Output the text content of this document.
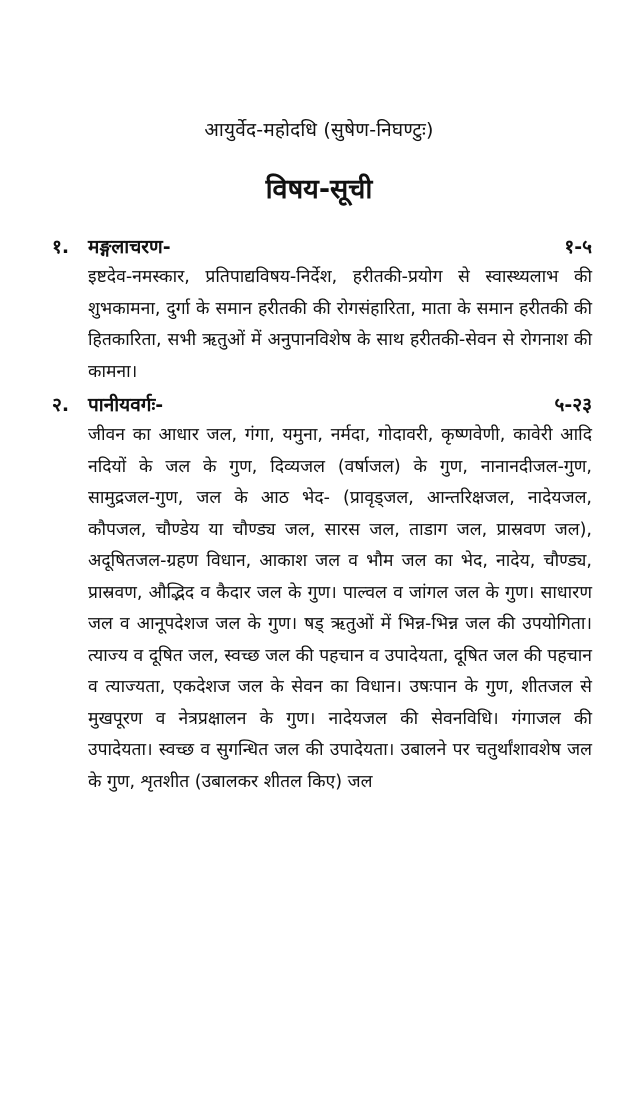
आयुर्वेद-महोदधि (सुषेण-निघण्टुः)
विषय-सूची
१. मङ्गलाचरण-	१-५
इष्टदेव-नमस्कार, प्रतिपाद्यविषय-निर्देश, हरीतकी-प्रयोग से स्वास्थ्यलाभ की शुभकामना, दुर्गा के समान हरीतकी की रोगसंहारिता, माता के समान हरीतकी की हितकारिता, सभी ऋतुओं में अनुपानविशेष के साथ हरीतकी-सेवन से रोगनाश की कामना।
२. पानीयवर्गः-	५-२३
जीवन का आधार जल, गंगा, यमुना, नर्मदा, गोदावरी, कृष्णवेणी, कावेरी आदि नदियों के जल के गुण, दिव्यजल (वर्षाजल) के गुण, नानानदीजल-गुण, सामुद्रजल-गुण, जल के आठ भेद- (प्रावृड्जल, आन्तरिक्षजल, नादेयजल, कौपजल, चौण्डेय या चौण्ड्य जल, सारस जल, ताडाग जल, प्रास्रवण जल), अदूषितजल-ग्रहण विधान, आकाश जल व भौम जल का भेद, नादेय, चौण्ड्य, प्रास्रवण, औद्भिद व कैदार जल के गुण। पाल्वल व जांगल जल के गुण। साधारण जल व आनूपदेशज जल के गुण। षड् ऋतुओं में भिन्न-भिन्न जल की उपयोगिता। त्याज्य व दूषित जल, स्वच्छ जल की पहचान व उपादेयता, दूषित जल की पहचान व त्याज्यता, एकदेशज जल के सेवन का विधान। उषःपान के गुण, शीतजल से मुखपूरण व नेत्रप्रक्षालन के गुण। नादेयजल की सेवनविधि। गंगाजल की उपादेयता। स्वच्छ व सुगन्धित जल की उपादेयता। उबालने पर चतुर्थांशावशेष जल के गुण, शृतशीत (उबालकर शीतल किए) जल
